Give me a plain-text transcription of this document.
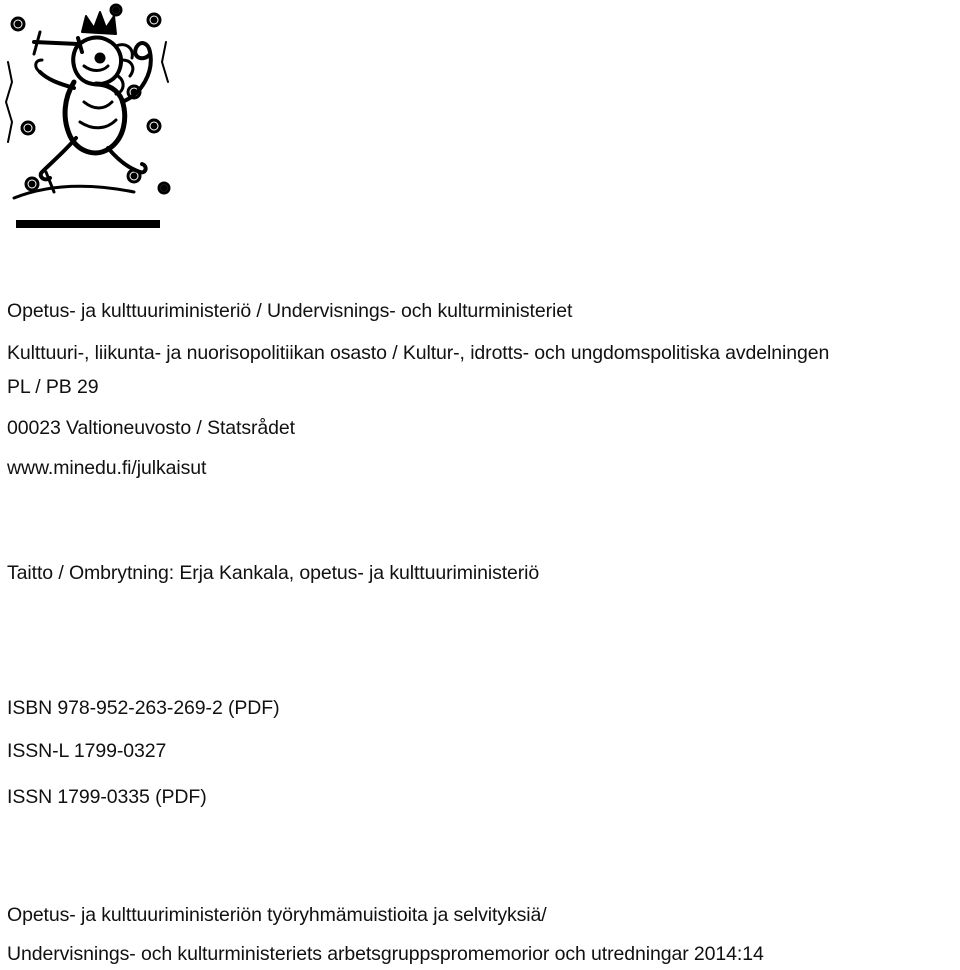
Opetus- ja kulttuuriministeriö / Undervisnings- och kulturministeriet
Kulttuuri-, liikunta- ja nuorisopolitiikan osasto / Kultur-, idrotts- och ungdomspolitiska avdelningen
PL / PB 29
00023 Valtioneuvosto / Statsrådet
www.minedu.fi/julkaisut
Taitto / Ombrytning: Erja Kankala, opetus- ja kulttuuriministeriö
ISBN 978-952-263-269-2 (PDF)
ISSN-L 1799-0327
ISSN 1799-0335 (PDF)
Opetus- ja kulttuuriministeriön työryhmämuistioita ja selvityksiä/
Undervisnings- och kulturministeriets arbetsgruppspromemorior och utredningar 2014:14
